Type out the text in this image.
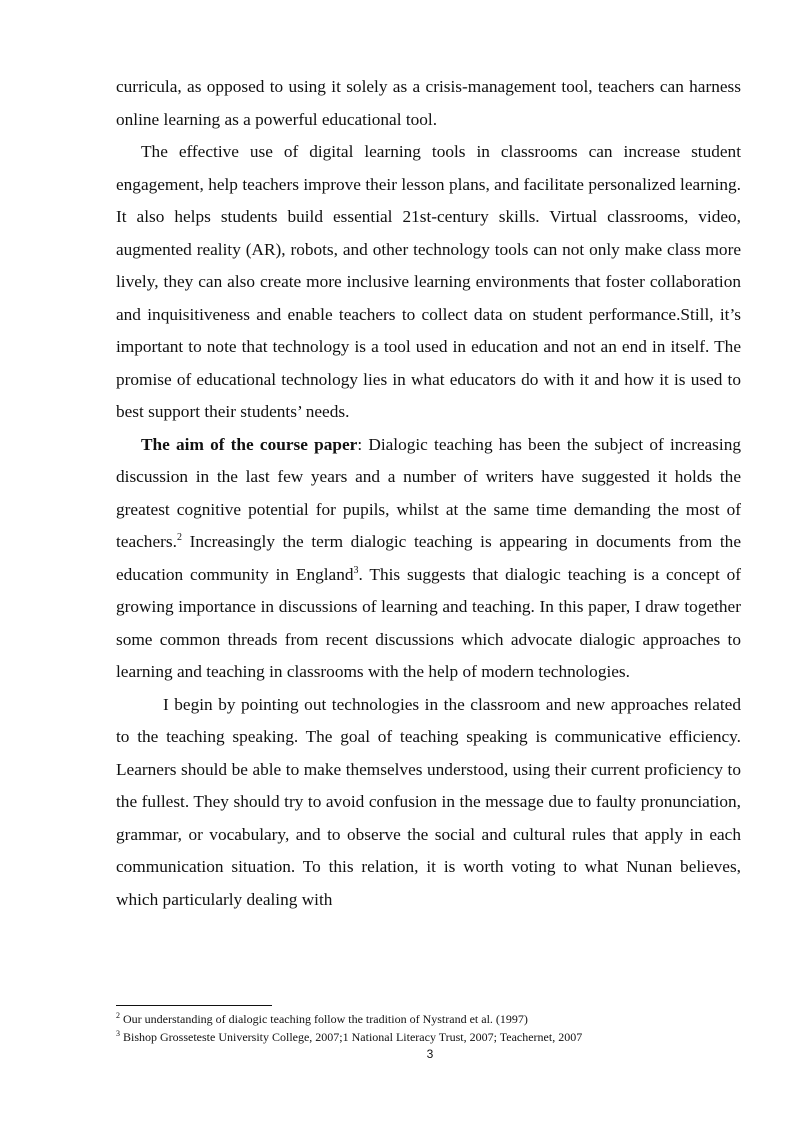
curricula, as opposed to using it solely as a crisis-management tool, teachers can harness online learning as a powerful educational tool.

The effective use of digital learning tools in classrooms can increase student engagement, help teachers improve their lesson plans, and facilitate personalized learning. It also helps students build essential 21st-century skills. Virtual classrooms, video, augmented reality (AR), robots, and other technology tools can not only make class more lively, they can also create more inclusive learning environments that foster collaboration and inquisitiveness and enable teachers to collect data on student performance.Still, it’s important to note that technology is a tool used in education and not an end in itself. The promise of educational technology lies in what educators do with it and how it is used to best support their students’ needs.

The aim of the course paper: Dialogic teaching has been the subject of increasing discussion in the last few years and a number of writers have suggested it holds the greatest cognitive potential for pupils, whilst at the same time demanding the most of teachers.$^2$ Increasingly the term dialogic teaching is appearing in documents from the education community in England$^3$. This suggests that dialogic teaching is a concept of growing importance in discussions of learning and teaching. In this paper, I draw together some common threads from recent discussions which advocate dialogic approaches to learning and teaching in classrooms with the help of modern technologies.

I begin by pointing out technologies in the classroom and new approaches related to the teaching speaking. The goal of teaching speaking is communicative efficiency. Learners should be able to make themselves understood, using their current proficiency to the fullest. They should try to avoid confusion in the message due to faulty pronunciation, grammar, or vocabulary, and to observe the social and cultural rules that apply in each communication situation. To this relation, it is worth voting to what Nunan believes, which particularly dealing with

$^2$ Our understanding of dialogic teaching follow the tradition of Nystrand et al. (1997)

$^3$ Bishop Grosseteste University College, 2007;1 National Literacy Trust, 2007; Teachernet, 2007

3
